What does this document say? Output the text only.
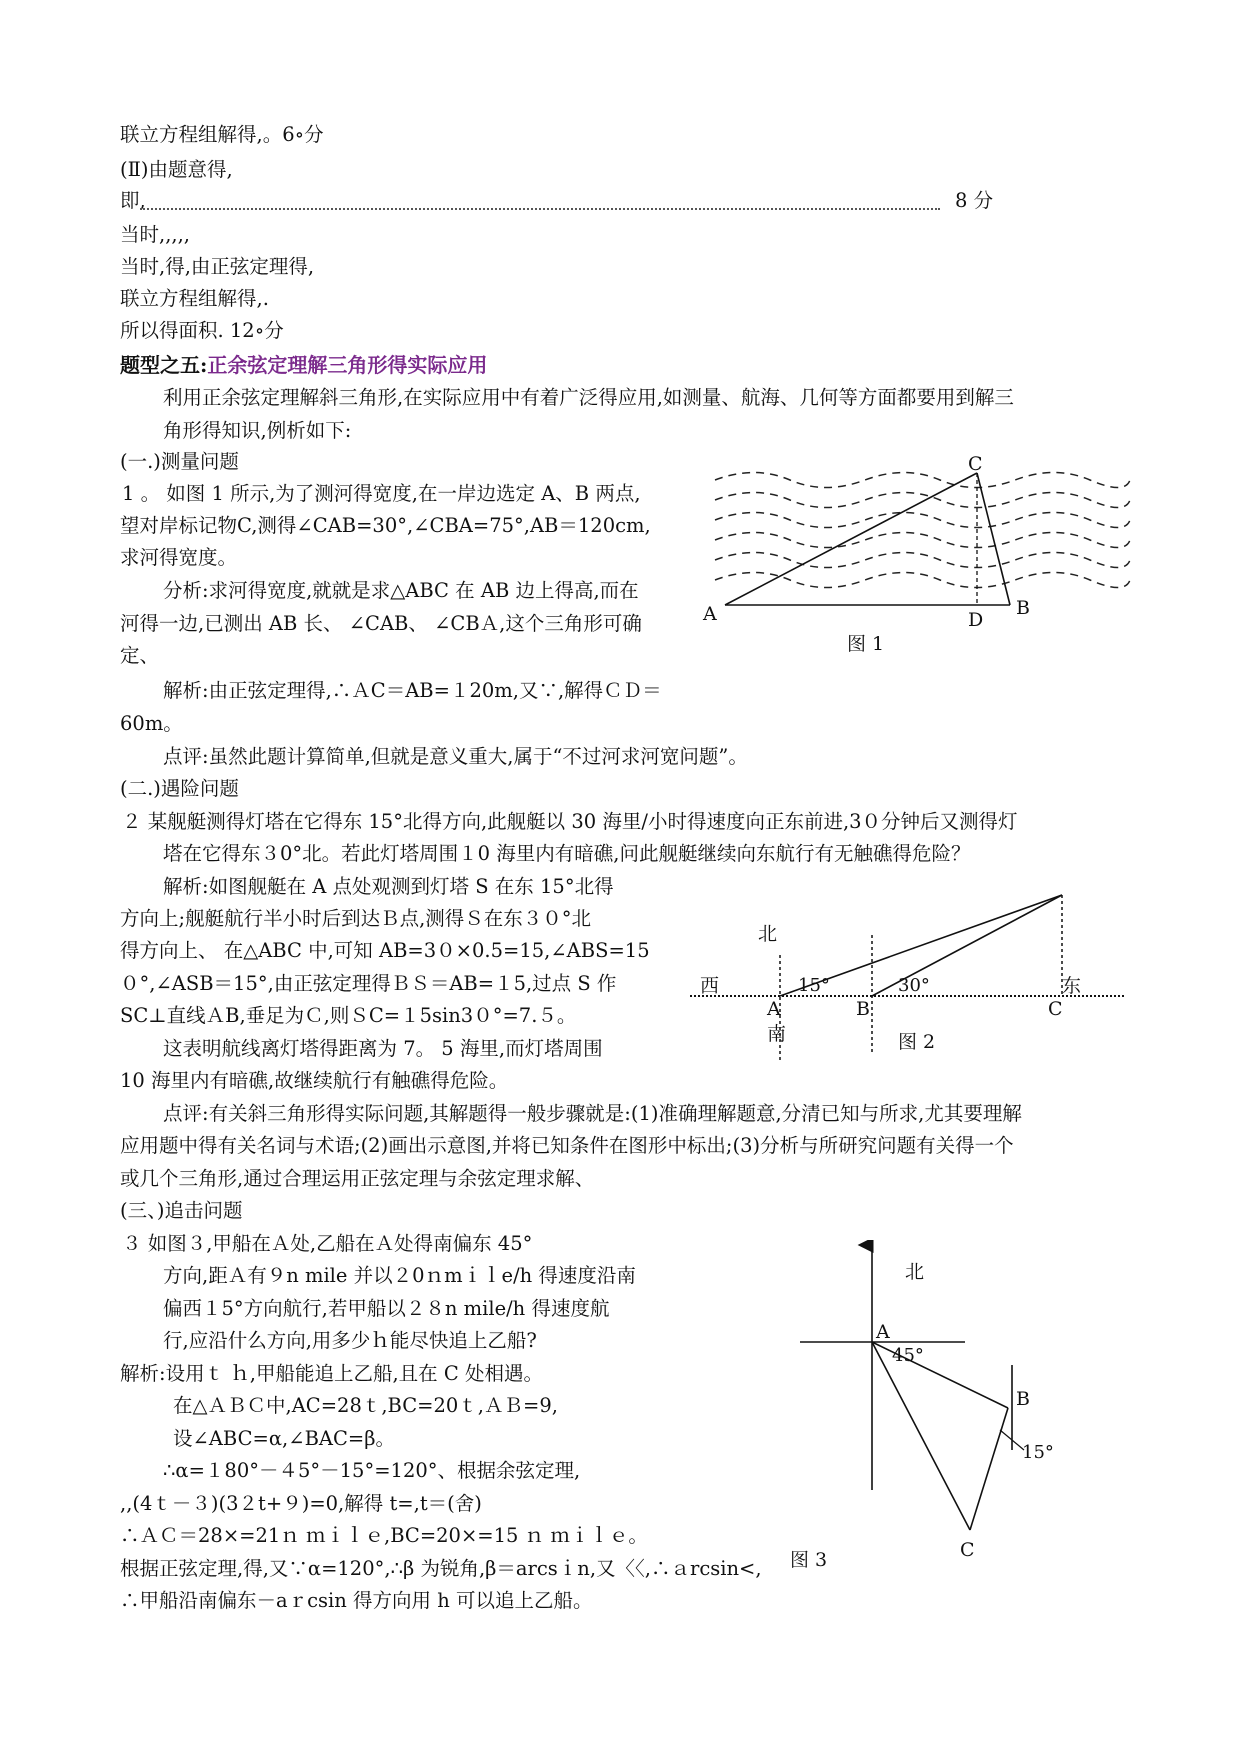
联立方程组解得,。6∘分
(Ⅱ)由题意得,
即,	8 分
当时,,,,,
当时,得,由正弦定理得,
联立方程组解得,.
所以得面积. 12∘分
题型之五:正余弦定理解三角形得实际应用
利用正余弦定理解斜三角形,在实际应用中有着广泛得应用,如测量、航海、几何等方面都要用到解三
角形得知识,例析如下:
(一.)测量问题
1 。 如图 1 所示,为了测河得宽度,在一岸边选定 A、B 两点,
望对岸标记物C,测得∠CAB=30°,∠CBA=75°,AB＝120cm,
求河得宽度。
分析:求河得宽度,就就是求△ABC 在 AB 边上得高,而在
河得一边,已测出 AB 长、 ∠CAB、 ∠CBＡ,这个三角形可确
定、
解析:由正弦定理得,∴ＡC＝AB=１20m,又∵,解得ＣＤ＝
60m。
点评:虽然此题计算简单,但就是意义重大,属于“不过河求河宽问题”。
(二.)遇险问题
２ 某舰艇测得灯塔在它得东 15°北得方向,此舰艇以 30 海里/小时得速度向正东前进,3０分钟后又测得灯
塔在它得东３0°北。若此灯塔周围１0 海里内有暗礁,问此舰艇继续向东航行有无触礁得危险？
解析:如图舰艇在 A 点处观测到灯塔 S 在东 15°北得
方向上;舰艇航行半小时后到达Ｂ点,测得Ｓ在东３０°北
得方向上、 在△ABC 中,可知 AB=3０×0.5=15,∠ABS=15
０°,∠ASB＝15°,由正弦定理得ＢＳ＝AB=１5,过点 S 作
SC⊥直线ＡB,垂足为Ｃ,则ＳC=１5sin3０°=7.５。
这表明航线离灯塔得距离为 7。 5 海里,而灯塔周围
10 海里内有暗礁,故继续航行有触礁得危险。
点评:有关斜三角形得实际问题,其解题得一般步骤就是:(1)准确理解题意,分清已知与所求,尤其要理解
应用题中得有关名词与术语;(2)画出示意图,并将已知条件在图形中标出;(3)分析与所研究问题有关得一个
或几个三角形,通过合理运用正弦定理与余弦定理求解、
(三、)追击问题
３ 如图３,甲船在Ａ处,乙船在Ａ处得南偏东 45°
方向,距Ａ有９n mile 并以２0ｎmｉｌe/h 得速度沿南
偏西１5°方向航行,若甲船以２８n mile/h 得速度航
行,应沿什么方向,用多少ｈ能尽快追上乙船?
解析:设用ｔ ｈ,甲船能追上乙船,且在 C 处相遇。
在△ＡＢＣ中,AC=28ｔ,BC=20ｔ,ＡＢ=9,
设∠ABC=α,∠BAC=β。
∴α=１80°－４5°－15°=120°、根据余弦定理,
,,(4ｔ－３)(3２t+９)=0,解得 t=,t＝(舍)
∴ＡＣ＝28×=21ｎ ｍｉｌｅ,BC=20×=15 ｎ ｍｉｌｅ。
根据正弦定理,得,又∵α=120°,∴β 为锐角,β＝arcsｉn,又〈〈,∴ａrcsin<,
∴甲船沿南偏东－aｒcsin 得方向用 h 可以追上乙船。
C
A	D
B
图 1
北
西	东
15°	30°
A
南
B	C
图 2
北
A
45°
B
15°
C
图 3
